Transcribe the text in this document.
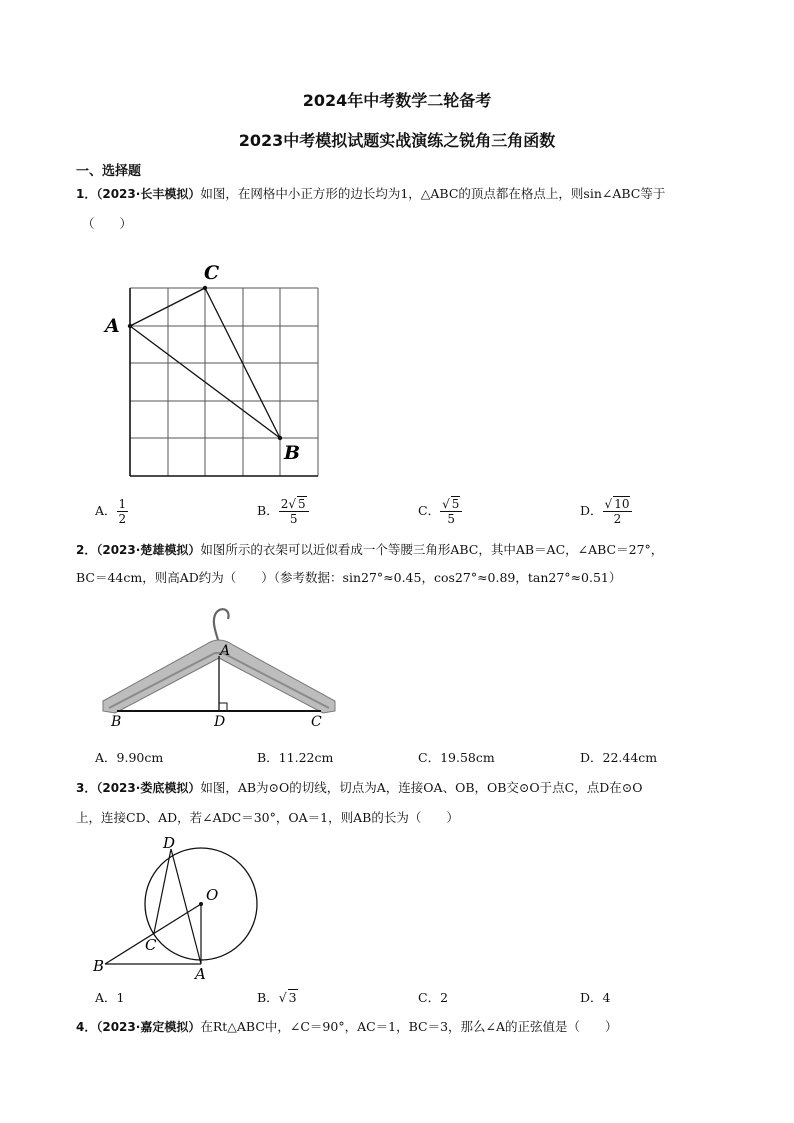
2024年中考数学二轮备考
2023中考模拟试题实战演练之锐角三角函数
一、选择题
1．（2023·长丰模拟）如图，在网格中小正方形的边长均为1，△ABC的顶点都在格点上，则sin∠ABC等于
（　　）
A
C
B
A． $\frac{1}{2}$	B． $\frac{2√ 5}{5}$	C． $\frac{√ 5}{5}$	D． $\frac{√ 10}{2}$
2．（2023·楚雄模拟）如图所示的衣架可以近似看成一个等腰三角形ABC，其中AB＝AC，∠ABC＝27°，
BC＝44cm，则高AD约为（　　）（参考数据：sin27°≈0.45，cos27°≈0.89，tan27°≈0.51）
A
B	D	C
A．9.90cm	B．11.22cm	C．19.58cm	D．22.44cm
3．（2023·娄底模拟）如图，AB为⊙O的切线，切点为A，连接OA、OB，OB交⊙O于点C，点D在⊙O
上，连接CD、AD，若∠ADC＝30°，OA＝1，则AB的长为（　　）
D
O
C
B	A
A．1	B．√ 3	C．2	D．4
4．（2023·嘉定模拟）在Rt△ABC中，∠C＝90°，AC＝1，BC＝3，那么∠A的正弦值是（　　）
